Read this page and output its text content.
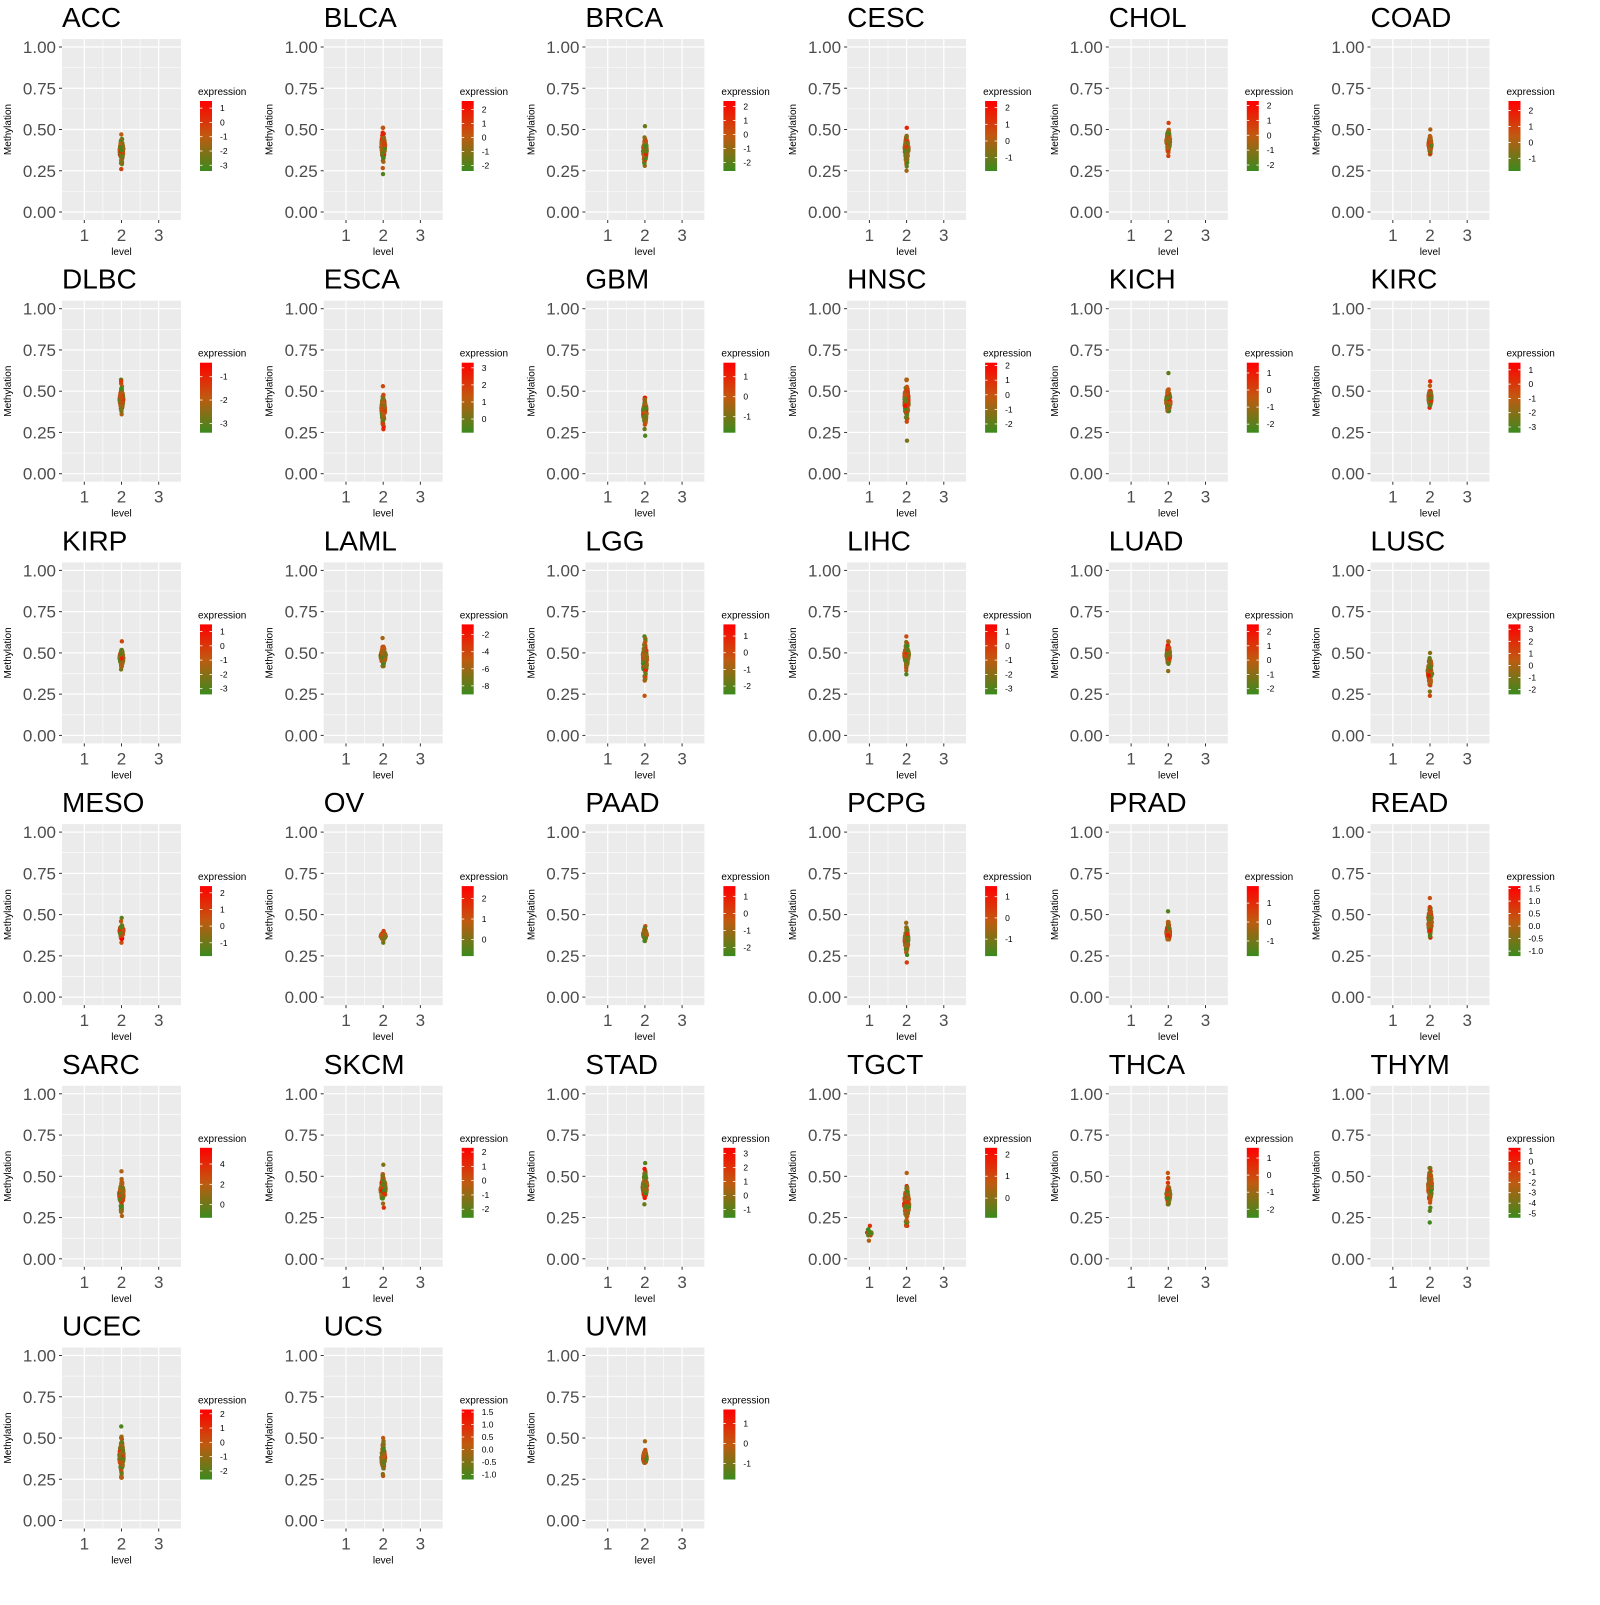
ACC
0.00
0.25
0.50
0.75
1.00
1 2 3
level
Methylation
expression
1
0
-1
-2
-3
BLCA
0.00
0.25
0.50
0.75
1.00
1 2 3
level
Methylation
expression
2
1
0
-1
-2
BRCA
0.00
0.25
0.50
0.75
1.00
1 2 3
level
Methylation
expression
2
1
0
-1
-2
CESC
0.00
0.25
0.50
0.75
1.00
1 2 3
level
Methylation
expression
2
1
0
-1
CHOL
0.00
0.25
0.50
0.75
1.00
1 2 3
level
Methylation
expression
2
1
0
-1
-2
COAD
0.00
0.25
0.50
0.75
1.00
1 2 3
level
Methylation
expression
2
1
0
-1
DLBC
0.00
0.25
0.50
0.75
1.00
1 2 3
level
Methylation
expression
-1
-2
-3
ESCA
0.00
0.25
0.50
0.75
1.00
1 2 3
level
Methylation
expression
3
2
1
0
GBM
0.00
0.25
0.50
0.75
1.00
1 2 3
level
Methylation
expression
1
0
-1
HNSC
0.00
0.25
0.50
0.75
1.00
1 2 3
level
Methylation
expression
2
1
0
-1
-2
KICH
0.00
0.25
0.50
0.75
1.00
1 2 3
level
Methylation
expression
1
0
-1
-2
KIRC
0.00
0.25
0.50
0.75
1.00
1 2 3
level
Methylation
expression
1
0
-1
-2
-3
KIRP
0.00
0.25
0.50
0.75
1.00
1 2 3
level
Methylation
expression
1
0
-1
-2
-3
LAML
0.00
0.25
0.50
0.75
1.00
1 2 3
level
Methylation
expression
-2
-4
-6
-8
LGG
0.00
0.25
0.50
0.75
1.00
1 2 3
level
Methylation
expression
1
0
-1
-2
LIHC
0.00
0.25
0.50
0.75
1.00
1 2 3
level
Methylation
expression
1
0
-1
-2
-3
LUAD
0.00
0.25
0.50
0.75
1.00
1 2 3
level
Methylation
expression
2
1
0
-1
-2
LUSC
0.00
0.25
0.50
0.75
1.00
1 2 3
level
Methylation
expression
3
2
1
0
-1
-2
MESO
0.00
0.25
0.50
0.75
1.00
1 2 3
level
Methylation
expression
2
1
0
-1
OV
0.00
0.25
0.50
0.75
1.00
1 2 3
level
Methylation
expression
2
1
0
PAAD
0.00
0.25
0.50
0.75
1.00
1 2 3
level
Methylation
expression
1
0
-1
-2
PCPG
0.00
0.25
0.50
0.75
1.00
1 2 3
level
Methylation
expression
1
0
-1
PRAD
0.00
0.25
0.50
0.75
1.00
1 2 3
level
Methylation
expression
1
0
-1
READ
0.00
0.25
0.50
0.75
1.00
1 2 3
level
Methylation
expression
1.5
1.0
0.5
0.0
-0.5
-1.0
SARC
0.00
0.25
0.50
0.75
1.00
1 2 3
level
Methylation
expression
4
2
0
SKCM
0.00
0.25
0.50
0.75
1.00
1 2 3
level
Methylation
expression
2
1
0
-1
-2
STAD
0.00
0.25
0.50
0.75
1.00
1 2 3
level
Methylation
expression
3
2
1
0
-1
TGCT
0.00
0.25
0.50
0.75
1.00
1 2 3
level
Methylation
expression
2
1
0
THCA
0.00
0.25
0.50
0.75
1.00
1 2 3
level
Methylation
expression
1
0
-1
-2
THYM
0.00
0.25
0.50
0.75
1.00
1 2 3
level
Methylation
expression
1
0
-1
-2
-3
-4
-5
UCEC
0.00
0.25
0.50
0.75
1.00
1 2 3
level
Methylation
expression
2
1
0
-1
-2
UCS
0.00
0.25
0.50
0.75
1.00
1 2 3
level
Methylation
expression
1.5
1.0
0.5
0.0
-0.5
-1.0
UVM
0.00
0.25
0.50
0.75
1.00
1 2 3
level
Methylation
expression
1
0
-1
